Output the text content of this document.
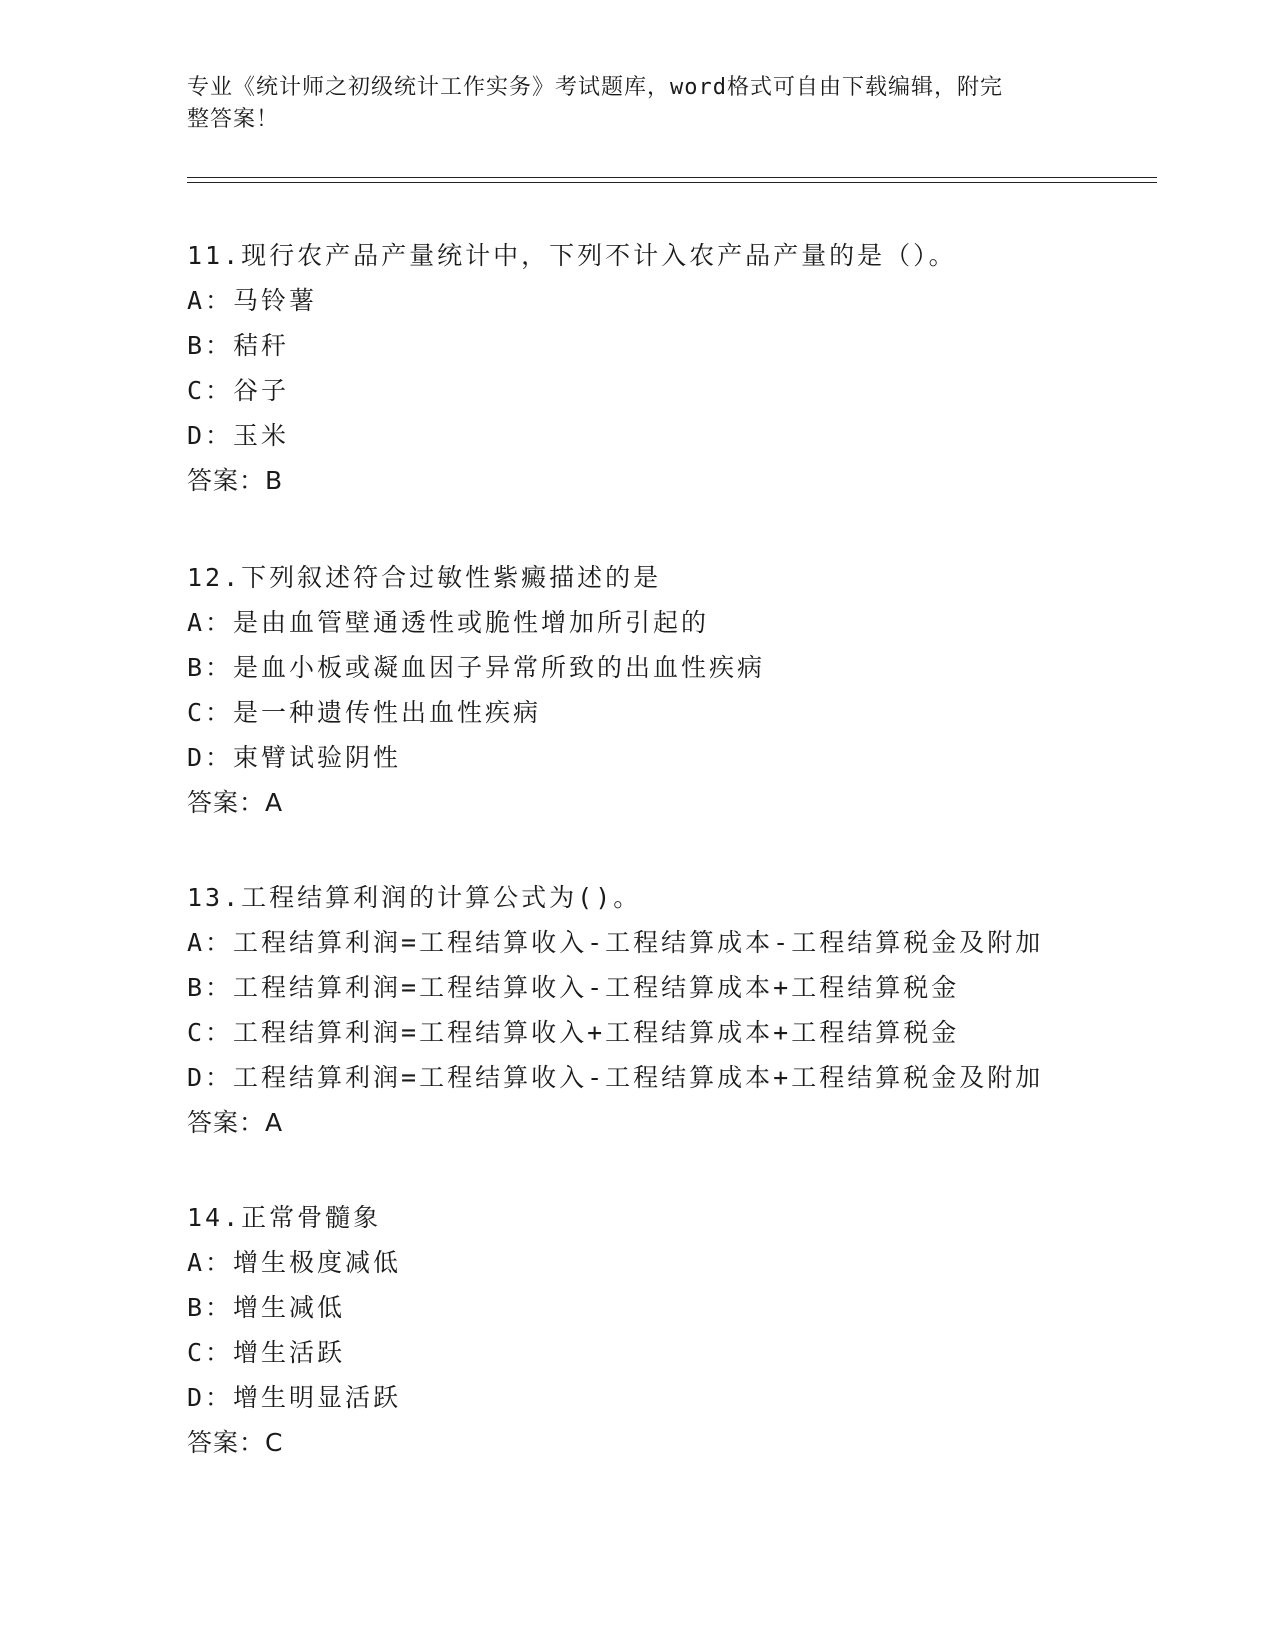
专业《统计师之初级统计工作实务》考试题库，word格式可自由下载编辑，附完
整答案！
11.现行农产品产量统计中，下列不计入农产品产量的是（）。
A：马铃薯
B：秸秆
C：谷子
D：玉米
答案：B
12.下列叙述符合过敏性紫癜描述的是
A：是由血管壁通透性或脆性增加所引起的
B：是血小板或凝血因子异常所致的出血性疾病
C：是一种遗传性出血性疾病
D：束臂试验阴性
答案：A
13.工程结算利润的计算公式为()。
A：工程结算利润=工程结算收入-工程结算成本-工程结算税金及附加
B：工程结算利润=工程结算收入-工程结算成本+工程结算税金
C：工程结算利润=工程结算收入+工程结算成本+工程结算税金
D：工程结算利润=工程结算收入-工程结算成本+工程结算税金及附加
答案：A
14.正常骨髓象
A：增生极度减低
B：增生减低
C：增生活跃
D：增生明显活跃
答案：C
